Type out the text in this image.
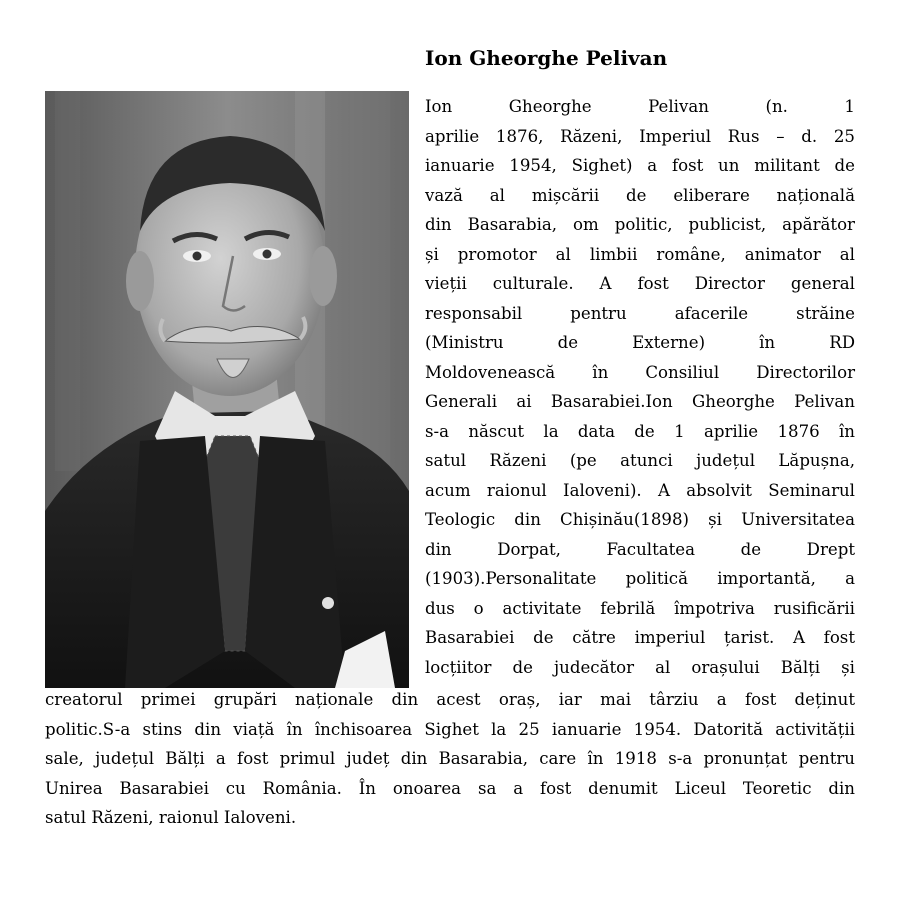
Ion Gheorghe Pelivan
Ion Gheorghe Pelivan (n. 1
aprilie 1876, Răzeni, Imperiul Rus – d. 25
ianuarie 1954, Sighet) a fost un militant de
vază al mișcării de eliberare națională
din Basarabia, om politic, publicist, apărător
și promotor al limbii române, animator al
vieții culturale. A fost Director general
responsabil pentru afacerile străine
(Ministru de Externe) în RD
Moldovenească în Consiliul Directorilor
Generali ai Basarabiei.Ion Gheorghe Pelivan
s-a născut la data de 1 aprilie 1876 în
satul Răzeni (pe atunci județul Lăpușna,
acum raionul Ialoveni). A absolvit Seminarul
Teologic din Chișinău(1898) și Universitatea
din Dorpat, Facultatea de Drept
(1903).Personalitate politică importantă, a
dus o activitate febrilă împotriva rusificării
Basarabiei de către imperiul țarist. A fost
locțiitor de judecător al orașului Bălți și
creatorul primei grupări naționale din acest oraș, iar mai târziu a fost deținut
politic.S-a stins din viață în închisoarea Sighet la 25 ianuarie 1954. Datorită activității
sale, județul Bălți a fost primul județ din Basarabia, care în 1918 s-a pronunțat pentru
Unirea Basarabiei cu România. În onoarea sa a fost denumit Liceul Teoretic din
satul Răzeni, raionul Ialoveni.
